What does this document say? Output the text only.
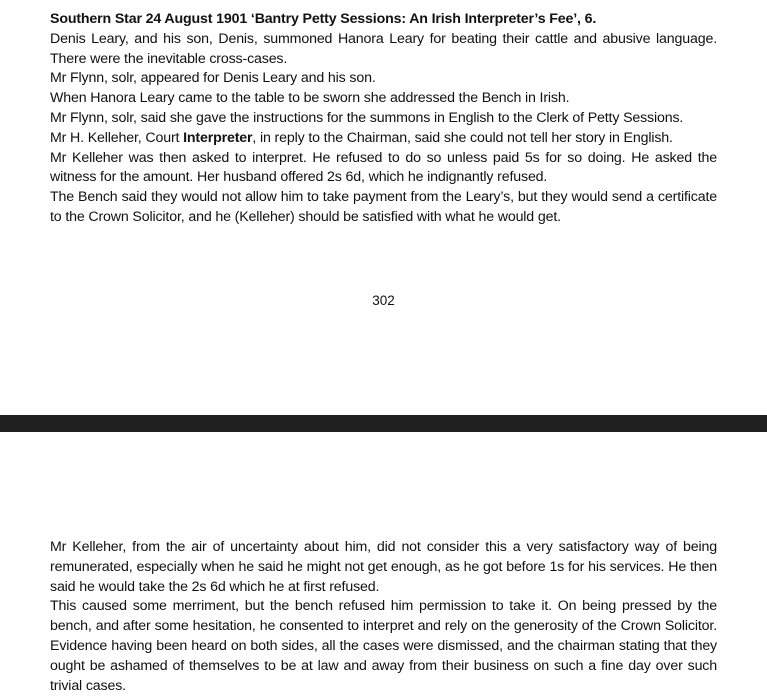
Southern Star 24 August 1901 ‘Bantry Petty Sessions: An Irish Interpreter’s Fee’, 6.

Denis Leary, and his son, Denis, summoned Hanora Leary for beating their cattle and abusive language. There were the inevitable cross-cases.

Mr Flynn, solr, appeared for Denis Leary and his son.

When Hanora Leary came to the table to be sworn she addressed the Bench in Irish.

Mr Flynn, solr, said she gave the instructions for the summons in English to the Clerk of Petty Sessions.

Mr H. Kelleher, Court Interpreter, in reply to the Chairman, said she could not tell her story in English.

Mr Kelleher was then asked to interpret. He refused to do so unless paid 5s for so doing. He asked the witness for the amount. Her husband offered 2s 6d, which he indignantly refused.

The Bench said they would not allow him to take payment from the Leary’s, but they would send a certificate to the Crown Solicitor, and he (Kelleher) should be satisfied with what he would get.

302

Mr Kelleher, from the air of uncertainty about him, did not consider this a very satisfactory way of being remunerated, especially when he said he might not get enough, as he got before 1s for his services. He then said he would take the 2s 6d which he at first refused.

This caused some merriment, but the bench refused him permission to take it. On being pressed by the bench, and after some hesitation, he consented to interpret and rely on the generosity of the Crown Solicitor. Evidence having been heard on both sides, all the cases were dismissed, and the chairman stating that they ought be ashamed of themselves to be at law and away from their business on such a fine day over such trivial cases.
